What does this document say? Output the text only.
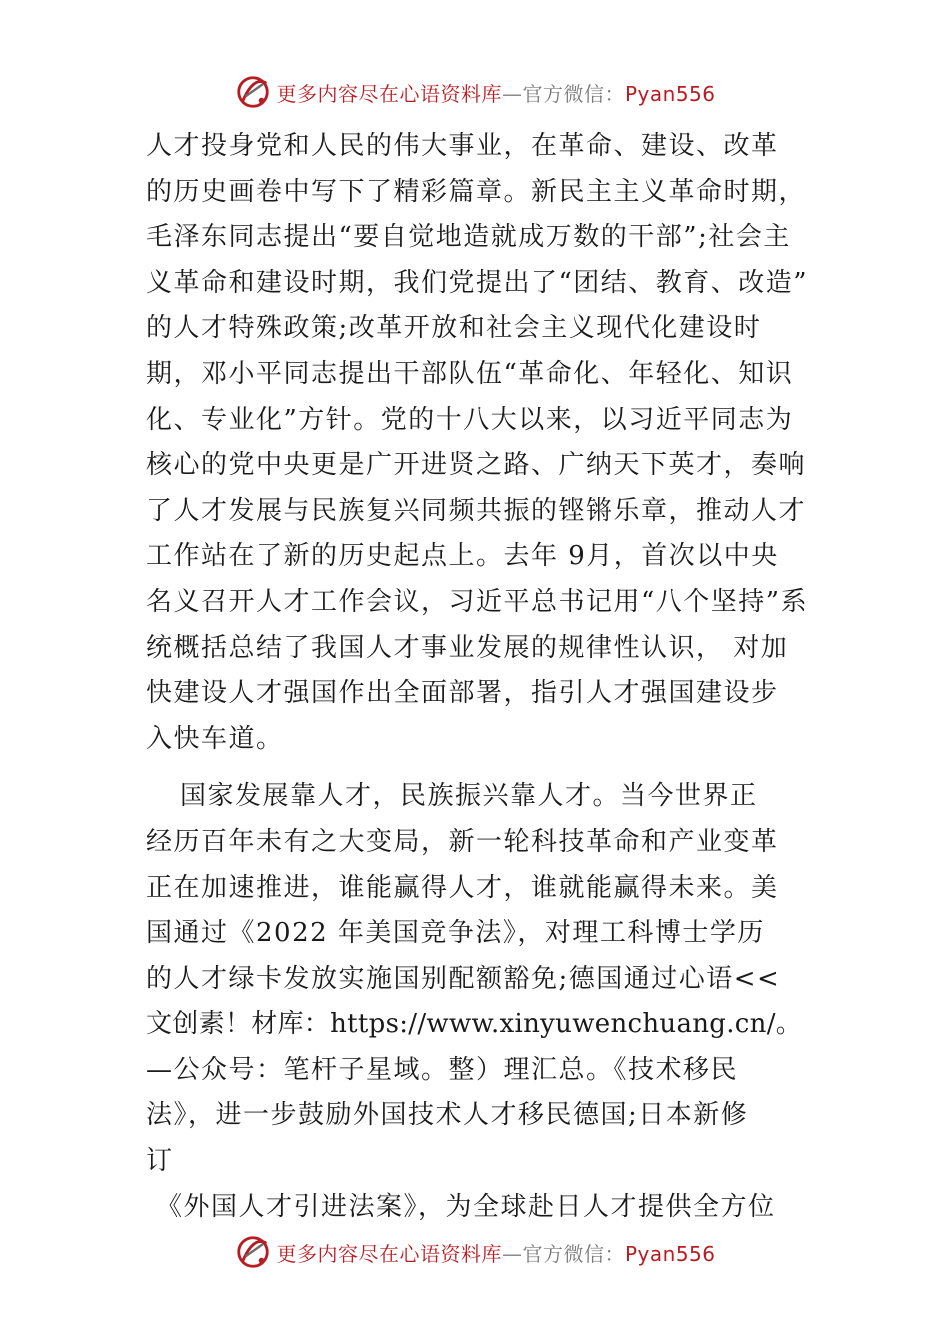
更多内容尽在心语资料库—官方微信：Pyan556
人才投身党和人民的伟大事业，在革命、建设、改革
的历史画卷中写下了精彩篇章。新民主主义革命时期，
毛泽东同志提出“要自觉地造就成万数的干部”;社会主
义革命和建设时期，我们党提出了“团结、教育、改造”
的人才特殊政策;改革开放和社会主义现代化建设时
期，邓小平同志提出干部队伍“革命化、年轻化、知识
化、专业化”方针。党的十八大以来，以习近平同志为
核心的党中央更是广开进贤之路、广纳天下英才，奏响
了人才发展与民族复兴同频共振的铿锵乐章，推动人才
工作站在了新的历史起点上。去年 9月，首次以中央
名义召开人才工作会议，习近平总书记用“八个坚持”系
统概括总结了我国人才事业发展的规律性认识， 对加
快建设人才强国作出全面部署，指引人才强国建设步
入快车道。
国家发展靠人才，民族振兴靠人才。当今世界正
经历百年未有之大变局，新一轮科技革命和产业变革
正在加速推进，谁能赢得人才，谁就能赢得未来。美
国通过《2022 年美国竞争法》，对理工科博士学历
的人才绿卡发放实施国别配额豁免;德国通过心语<<
文创素！材库：https://www.xinyuwenchuang.cn/。
—公众号：笔杆子星域。整）理汇总。《技术移民
法》，进一步鼓励外国技术人才移民德国;日本新修
订
《外国人才引进法案》，为全球赴日人才提供全方位
更多内容尽在心语资料库—官方微信：Pyan556
